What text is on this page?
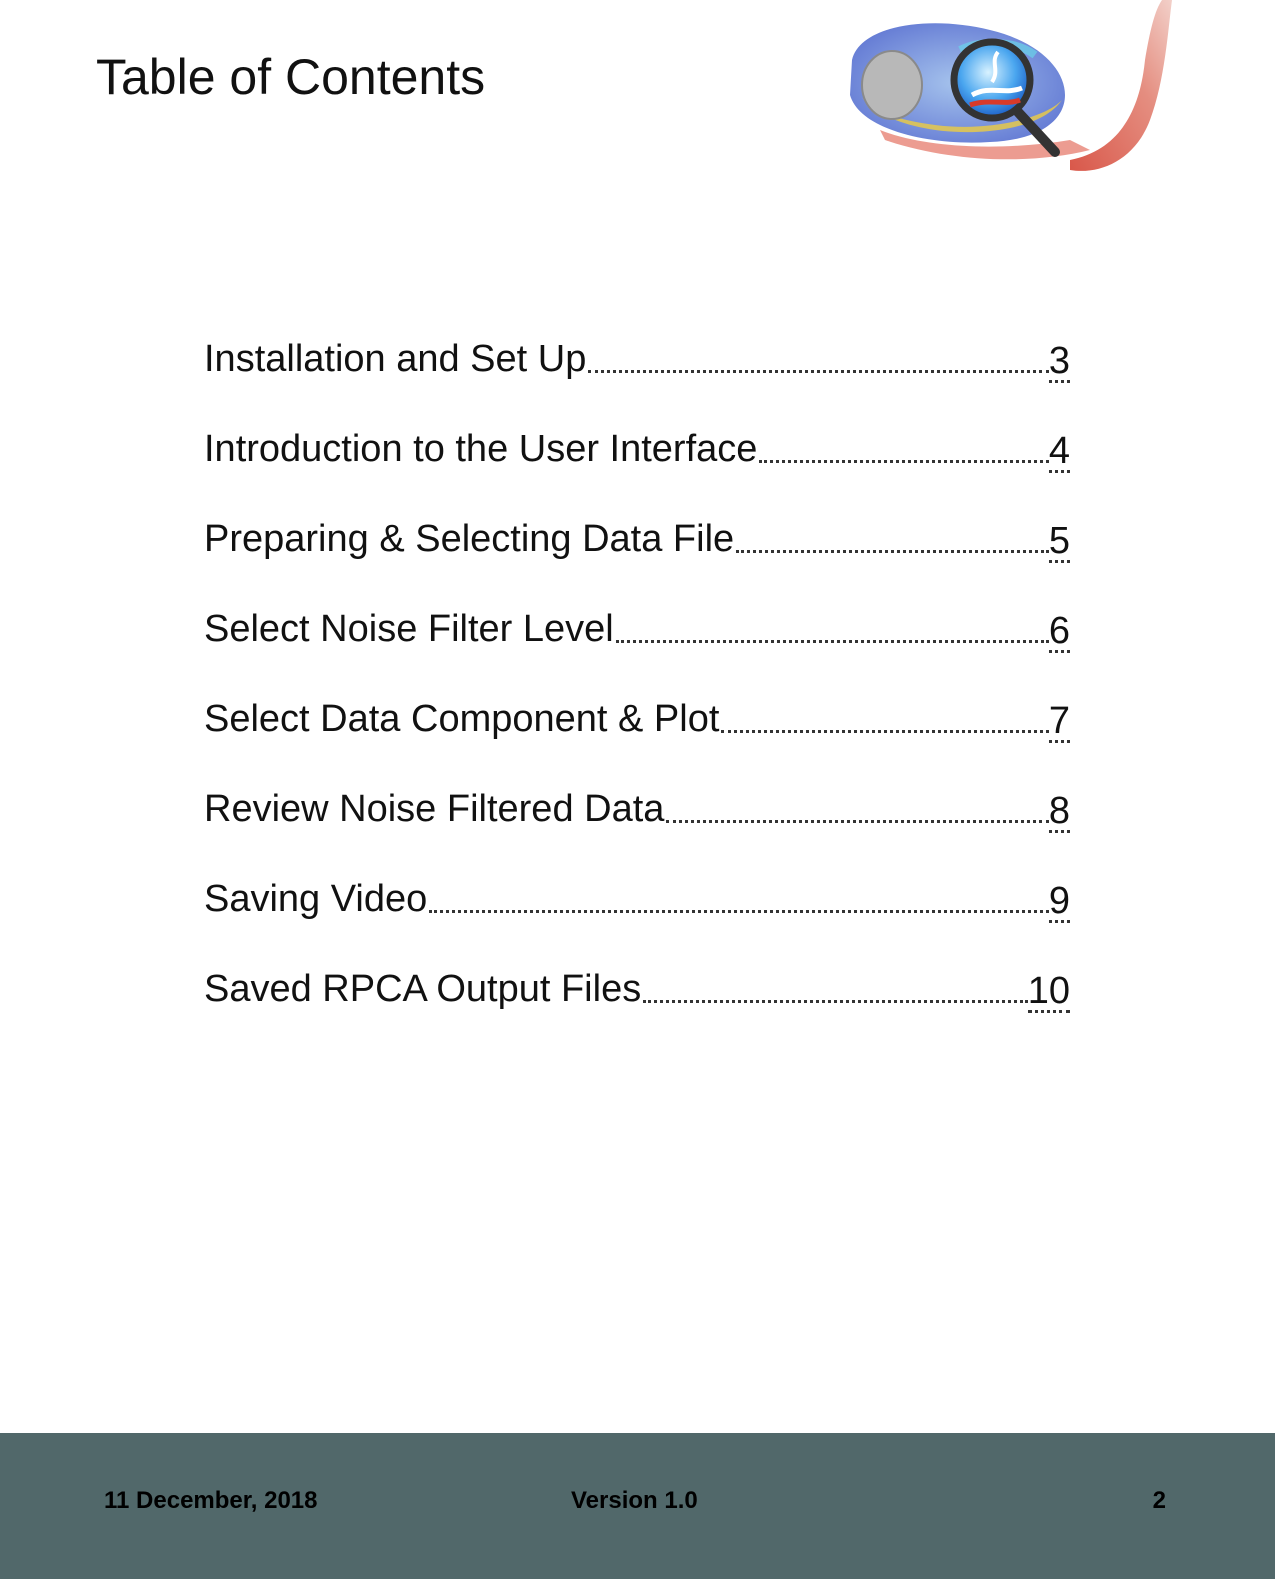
Table of Contents
Installation and Set Up	3
Introduction to the User Interface	4
Preparing & Selecting Data File	5
Select Noise Filter Level	6
Select Data Component & Plot	7
Review Noise Filtered Data	8
Saving Video	9
Saved RPCA Output Files	10
11 December, 2018	Version 1.0	2
